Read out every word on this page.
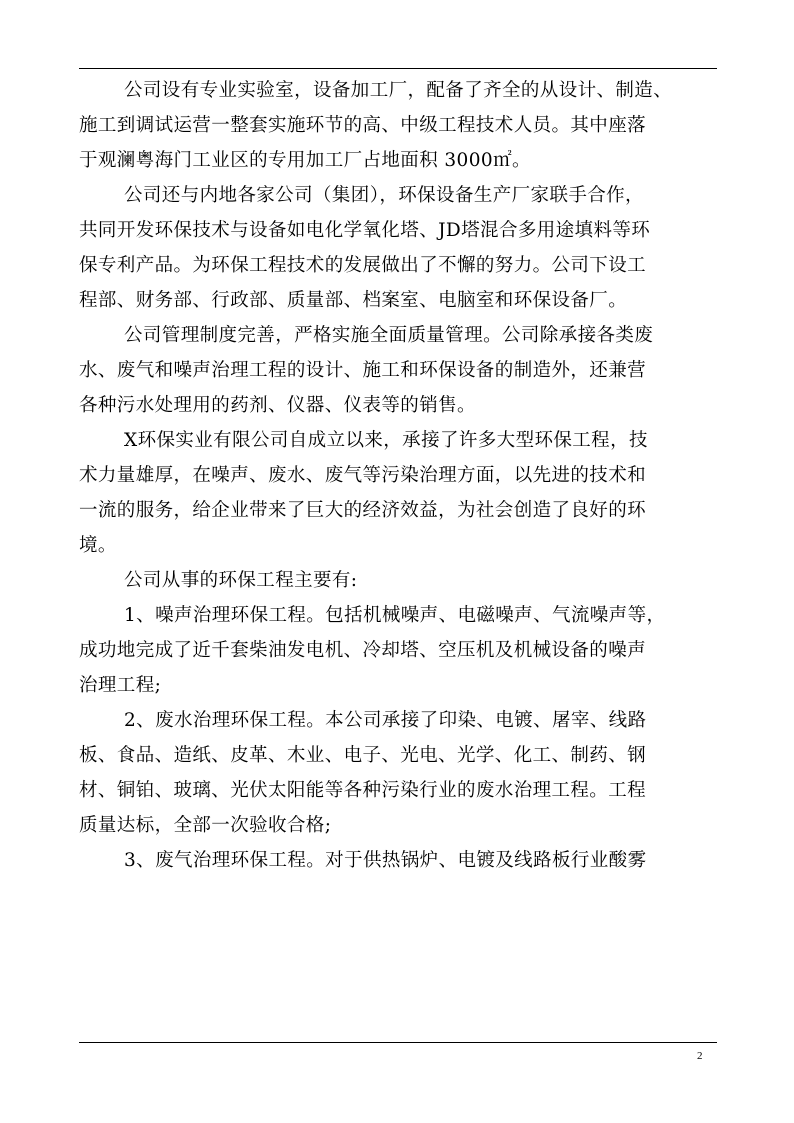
公司设有专业实验室，设备加工厂，配备了齐全的从设计、制造、
施工到调试运营一整套实施环节的高、中级工程技术人员。其中座落
于观澜粤海门工业区的专用加工厂占地面积 3000㎡。

公司还与内地各家公司（集团），环保设备生产厂家联手合作，
共同开发环保技术与设备如电化学氧化塔、JD塔混合多用途填料等环
保专利产品。为环保工程技术的发展做出了不懈的努力。公司下设工
程部、财务部、行政部、质量部、档案室、电脑室和环保设备厂。

公司管理制度完善，严格实施全面质量管理。公司除承接各类废
水、废气和噪声治理工程的设计、施工和环保设备的制造外，还兼营
各种污水处理用的药剂、仪器、仪表等的销售。

X环保实业有限公司自成立以来，承接了许多大型环保工程，技
术力量雄厚，在噪声、废水、废气等污染治理方面，以先进的技术和
一流的服务，给企业带来了巨大的经济效益，为社会创造了良好的环
境。

公司从事的环保工程主要有:

1、噪声治理环保工程。包括机械噪声、电磁噪声、气流噪声等，
成功地完成了近千套柴油发电机、冷却塔、空压机及机械设备的噪声
治理工程;

2、废水治理环保工程。本公司承接了印染、电镀、屠宰、线路
板、食品、造纸、皮革、木业、电子、光电、光学、化工、制药、钢
材、铜铂、玻璃、光伏太阳能等各种污染行业的废水治理工程。工程
质量达标，全部一次验收合格;

3、废气治理环保工程。对于供热锅炉、电镀及线路板行业酸雾

2
